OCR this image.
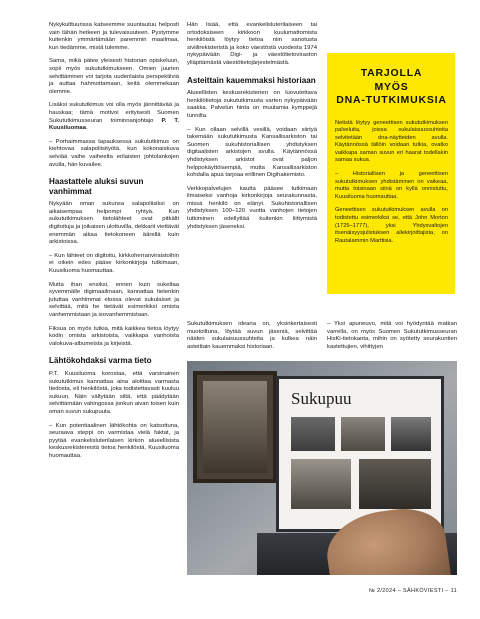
Nykykulttuurissa katseemme suuntautuu helposti vain tähän hetkeen ja tulevaisuuteen. Pystymme kuitenkin ymmärtämään paremmin maailmaa, kun tiedämme, mistä tulemme.

Sama, mikä pätee yleisesti historian opiskeluun, sopii myös sukututkimukseen. Omien juurien selvittäminen voi tarjota uudenlaista perspektiiviä ja auttaa hahmottamaan, keitä olemmekaan olemme.

Lisäksi sukututkimus voi olla myös jännittävää ja hauskaa; tämä motivoi erityisesti Suomen Sukututkimusseuran toiminnanjohtajo P. T. Kuusiluomaa.

– Porhaimmassa tapauksessa sukututkimus on kiehtovaa salapoliisityötä, kun kokonaiskuva selviää vaihe vaiheelta erilaisten johtolankojen avulla, hän kuvailee.

Haastattele aluksi suvun vanhimmat

Nykyään oman sukunsa salapoliisiksi on aikaisempaa helpompi ryhtyä. Kun sukututkimuksen tietolähteet ovat pitkälti digitoituja ja joikaisen ulottuvilla, dekkarit viettävät enemmän aikaa tietokoneen äärellä kuin arkistoissa.

– Kun lähteet on digitoitu, kirkkoherranviraistoihin ei oikein edes pääse kirkonkirjoja tutkimaan, Kuusiluoma huomauttaa.

Mutta ihan ensiksi, ennen kuin sukeltaa syvemmälle digimaailmaan, kannattaa tietenkin jututtaa vanhimmat elossa olevat sukulaiset ja selvittää, mitä he tietävät esimerkiksi omista vanhemmistaan ja isovanhemmistaan.

Fiksua on myös tutkia, mitä kaikkea tietoa löytyy kodin omista arkistoista, vaikkapa vanhoista valokuva-albumeista ja kirjeistä.

Lähtökohdaksi varma tieto

P.T. Kuusiluoma korostaa, että varsinainen sukututkimus kannattaa aina aloittaa varmasta tiedosta, eli henkilöstä, joka todistettavasti kuuluu sukuun. Näin vältytään siltä, että päädytään selvittämään vahingossa jonkun aivan toisen kuin oman suvun sukupuuta.

– Kun potentiaalinen lähtökohta on katsottuna, seuraava steppi on varmistaa vielä faktat, ja pyytää evankelisluterilaisen kirkon alueellisista keskusrekistereistä tietoa henkilöstä, Kuusiluoma huomauttaa.

Hän lisää, että evankelisluterilaiseen tai ortodoksiseen kirkkoon kuulumattomista henkilöistä löytyy tietoa niin sanotusta siviilirekisteristä ja koko väestöstä vuodesta 1974 nykypäivään Digi- ja väestötietoviraston ylläpitämästä väestötietojärjestelmästä.

Asteittain kauemmaksi historiaan

Alueellisten keskusrekisterien on luovutettava henkilötietoja sukututkimusta varten nykypäivään saakka. Palvelun hinta on muutamia kymppejä tunnilta.

– Kun ollaan selvillä vesillä, voidaan siirtyä takemään sukututkimusta Kansallisarkiston tai Suomen sukuhistoriallisen yhdistyksen digitaalisten arkistojen avulla. Käytännössä yhdistyksen arkistot ovat paljon helppokäyttöisempiä, mutta Kansallisarkiston kohdalla apua tarjoaa erillinen Digihakemisto.

Verkkopalvelujen kautta pääsee tutkimaan ilmaiseksi vanhoja kirkonkirjoja seurakunnasta, missä henkilö on elänyt. Sukuhistoriallisen yhdistyksen 100–120 vuotta vanhojen tietojen tutkiminen edellyttää kuitenkin liittymistä yhdistyksen jäseneksi.

Sukututkimuksen ideana on, yksinkertaisesti muotoiltuna, löytää suvun jäseniä, selvittää näiden sukulaisuussuhteita ja kulkea näin asteittain kauemmaksi historiaan.

TARJOLLA
MYÖS
DNA-TUTKIMUKSIA

Netistä löytyy geneettisen sukututkimuksen palveluita, joissa sukulaisuussuhteita selvitetään dna-näytteiden avulla. Käytännössä tällöin voidaan tutkia, ovatko vaikkapa saman suvun eri haarat todellakin samaa sukua.

– Historiallisen ja geneettisen sukututkimuksen yhdistäminen on vaikeaa, mutta toisinaan siinä on kyllä onnistuttu, Kuusiluoma huomauttaa.

Geneettisen sukututkimuksen avulla on todistettu esimerkiksi se, että John Morton (1725–1777), yksi Yhdysvaltojen itsenäisyysjulistuksen allekirjoittajista, on Rautalammin Marttisia.

– Yksi apuneuvo, mitä voi hyödyntää matkan varrella, on myös Suomen Sukututkimusseuran HisKi-tietokanta, mihin on syötetty seurakuntien kastettujien, vihittyjen

Sukupuu
№ 2/2024 – SÄHKÖVIESTI – 11
